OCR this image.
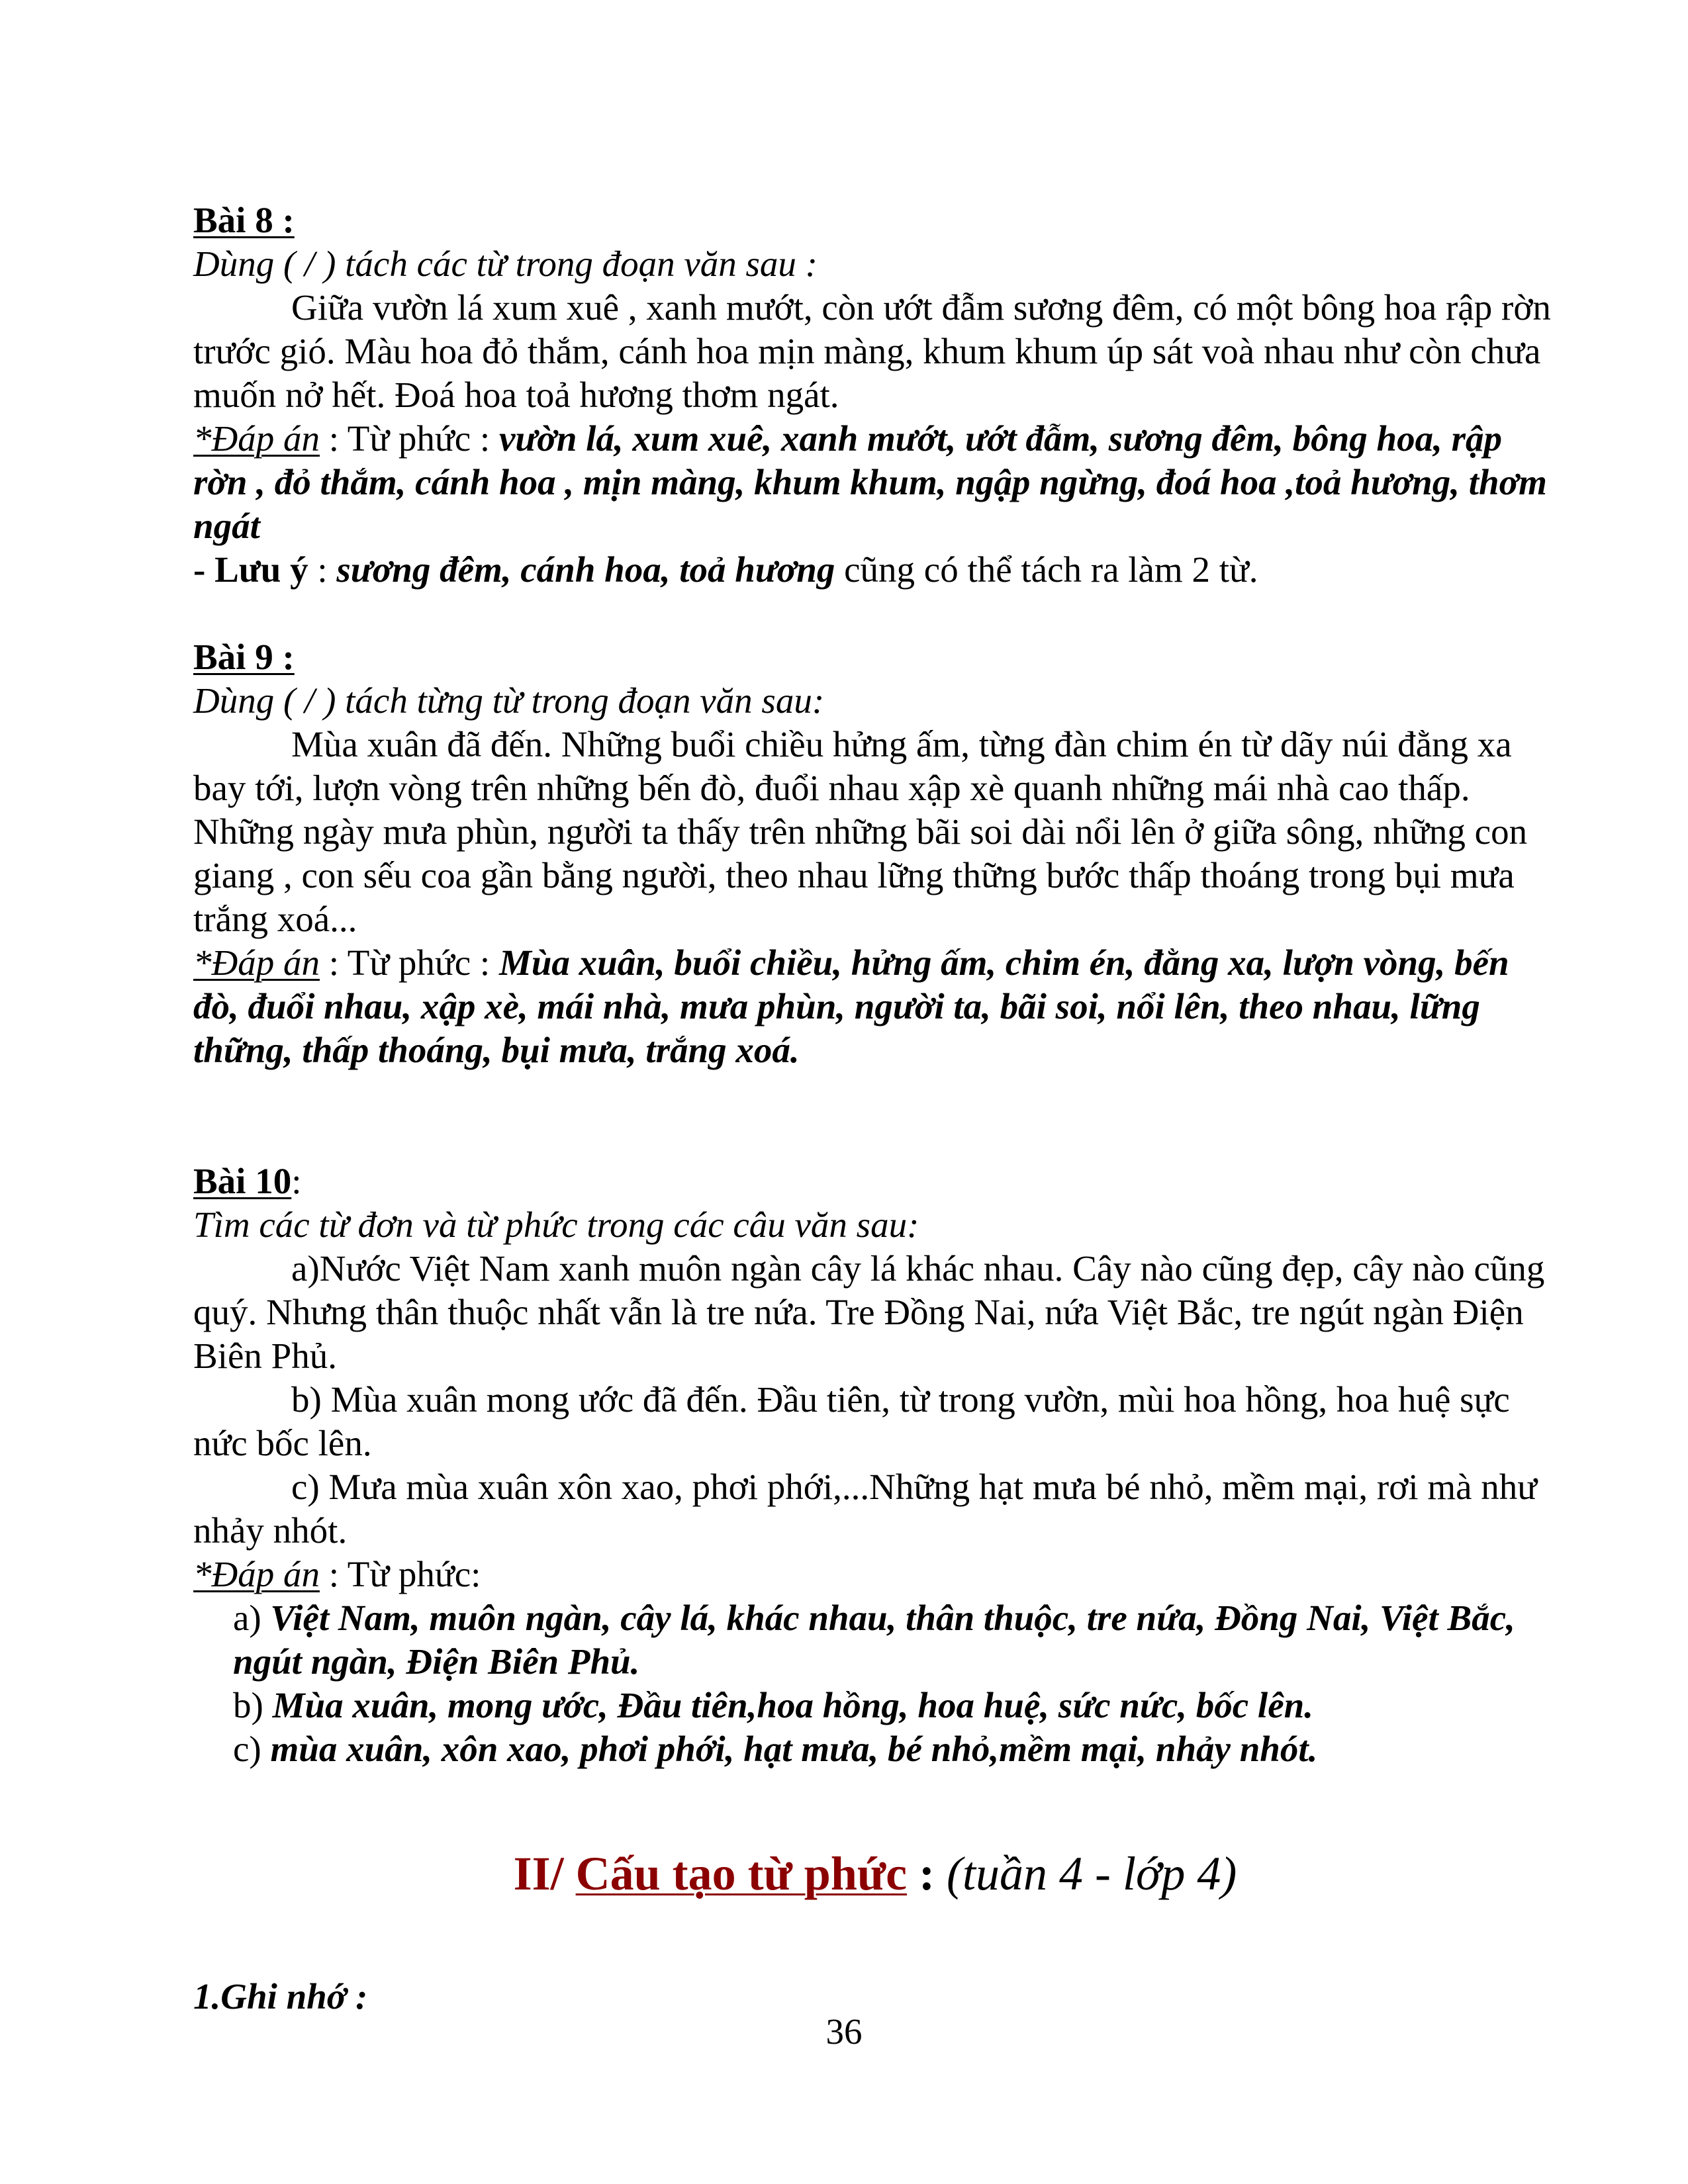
Bài 8 :

Dùng ( / ) tách các từ trong đoạn văn sau :

Giữa vườn lá xum xuê , xanh mướt, còn ướt đẫm sương đêm, có một bông hoa rập rờn trước gió. Màu hoa đỏ thắm, cánh hoa mịn màng, khum khum úp sát voà nhau như còn chưa muốn nở hết. Đoá hoa toả hương thơm ngát.

*Đáp án : Từ phức : vườn lá, xum xuê, xanh mướt, ướt đẫm, sương đêm, bông hoa, rập rờn , đỏ thắm, cánh hoa , mịn màng, khum khum, ngập ngừng, đoá hoa ,toả hương, thơm ngát

- Lưu ý : sương đêm, cánh hoa, toả hương cũng có thể tách ra làm 2 từ.

Bài 9 :

Dùng ( / ) tách từng từ trong đoạn văn sau:

Mùa xuân đã đến. Những buổi chiều hửng ấm, từng đàn chim én từ dãy núi đằng xa bay tới, lượn vòng trên những bến đò, đuổi nhau xập xè quanh những mái nhà cao thấp. Những ngày mưa phùn, người ta thấy trên những bãi soi dài nổi lên ở giữa sông, những con giang , con sếu coa gần bằng người, theo nhau lững thững bước thấp thoáng trong bụi mưa trắng xoá...

*Đáp án : Từ phức : Mùa xuân, buổi chiều, hửng ấm, chim én, đằng xa, lượn vòng, bến đò, đuổi nhau, xập xè, mái nhà, mưa phùn, người ta, bãi soi, nổi lên, theo nhau, lững thững, thấp thoáng, bụi mưa, trắng xoá.

Bài 10:

Tìm các từ đơn và từ phức trong các câu văn sau:

a)Nước Việt Nam xanh muôn ngàn cây lá khác nhau. Cây nào cũng đẹp, cây nào cũng quý. Nhưng thân thuộc nhất vẫn là tre nứa. Tre Đồng Nai, nứa Việt Bắc, tre ngút ngàn Điện Biên Phủ.

b) Mùa xuân mong ước đã đến. Đầu tiên, từ trong vườn, mùi hoa hồng, hoa huệ sực nức bốc lên.

c) Mưa mùa xuân xôn xao, phơi phới,...Những hạt mưa bé nhỏ, mềm mại, rơi mà như nhảy nhót.

*Đáp án : Từ phức:

a) Việt Nam, muôn ngàn, cây lá, khác nhau, thân thuộc, tre nứa, Đồng Nai, Việt Bắc, ngút ngàn, Điện Biên Phủ.

b) Mùa xuân, mong ước, Đầu tiên,hoa hồng, hoa huệ, sức nức, bốc lên.

c) mùa xuân, xôn xao, phơi phới, hạt mưa, bé nhỏ,mềm mại, nhảy nhót.

II/ Cấu tạo từ phức : (tuần 4 - lớp 4)

1.Ghi nhớ :

36
